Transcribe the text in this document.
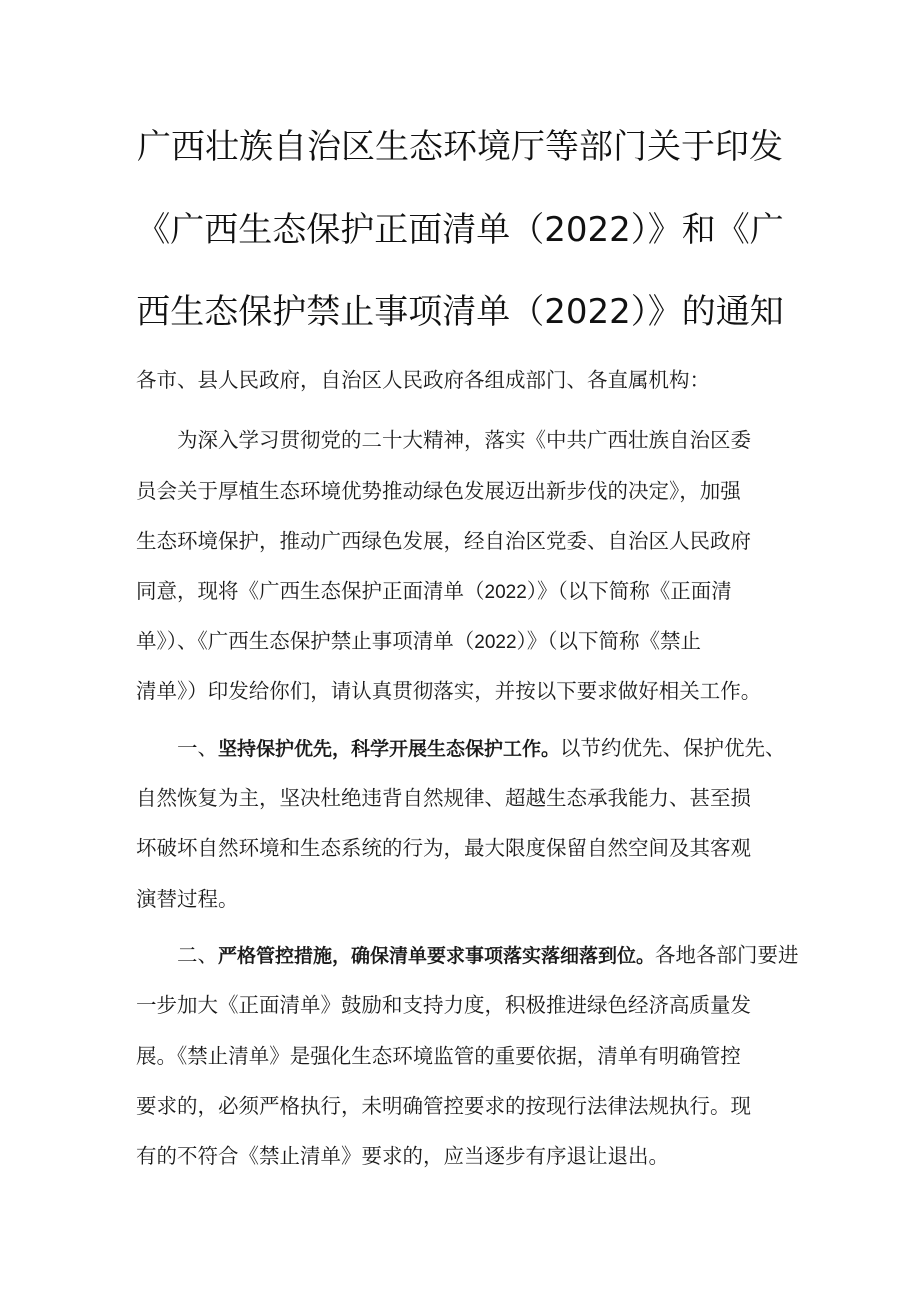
广西壮族自治区生态环境厅等部门关于印发
《广西生态保护正面清单（2022）》和《广
西生态保护禁止事项清单（2022）》的通知
各市、县人民政府，自治区人民政府各组成部门、各直属机构：
为深入学习贯彻党的二十大精神，落实《中共广西壮族自治区委
员会关于厚植生态环境优势推动绿色发展迈出新步伐的决定》，加强
生态环境保护，推动广西绿色发展，经自治区党委、自治区人民政府
同意，现将《广西生态保护正面清单（2022）》（以下简称《正面清
单》）、《广西生态保护禁止事项清单（2022）》（以下简称《禁止
清单》）印发给你们，请认真贯彻落实，并按以下要求做好相关工作。
一、坚持保护优先，科学开展生态保护工作。以节约优先、保护优先、
自然恢复为主，坚决杜绝违背自然规律、超越生态承我能力、甚至损
坏破坏自然环境和生态系统的行为，最大限度保留自然空间及其客观
演替过程。
二、严格管控措施，确保清单要求事项落实落细落到位。各地各部门要进
一步加大《正面清单》鼓励和支持力度，积极推进绿色经济高质量发
展。《禁止清单》是强化生态环境监管的重要依据，清单有明确管控
要求的，必须严格执行，未明确管控要求的按现行法律法规执行。现
有的不符合《禁止清单》要求的，应当逐步有序退让退出。
